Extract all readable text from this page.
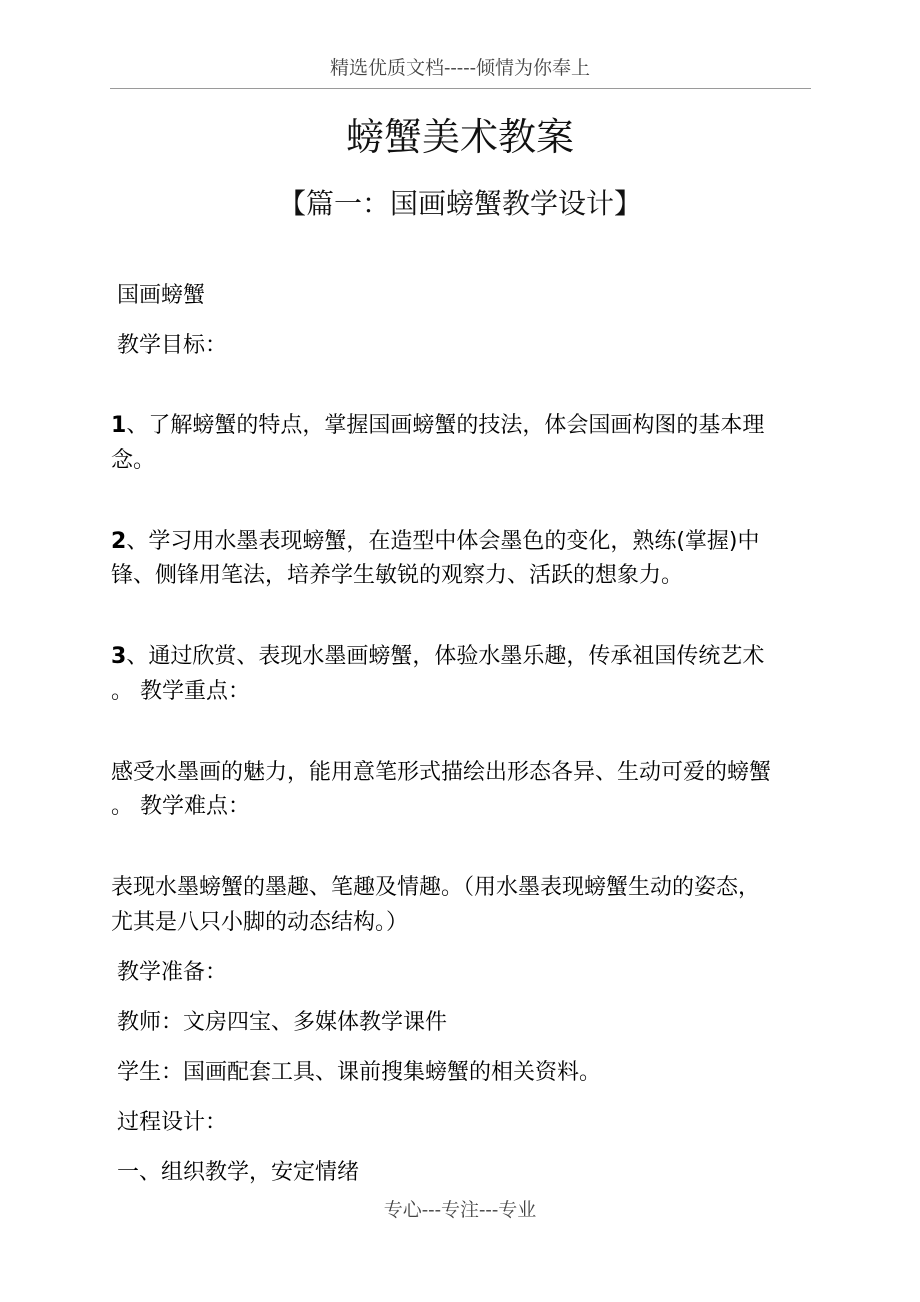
精选优质文档-----倾情为你奉上
螃蟹美术教案
【篇一：国画螃蟹教学设计】
国画螃蟹
教学目标：
1、了解螃蟹的特点，掌握国画螃蟹的技法，体会国画构图的基本理
念。
2、学习用水墨表现螃蟹，在造型中体会墨色的变化，熟练(掌握)中
锋、侧锋用笔法，培养学生敏锐的观察力、活跃的想象力。
3、通过欣赏、表现水墨画螃蟹，体验水墨乐趣，传承祖国传统艺术
。 教学重点：
感受水墨画的魅力，能用意笔形式描绘出形态各异、生动可爱的螃蟹
。 教学难点：
表现水墨螃蟹的墨趣、笔趣及情趣。（用水墨表现螃蟹生动的姿态，
尤其是八只小脚的动态结构。）
教学准备：
教师：文房四宝、多媒体教学课件
学生：国画配套工具、课前搜集螃蟹的相关资料。
过程设计：
一、组织教学，安定情绪
专心---专注---专业
